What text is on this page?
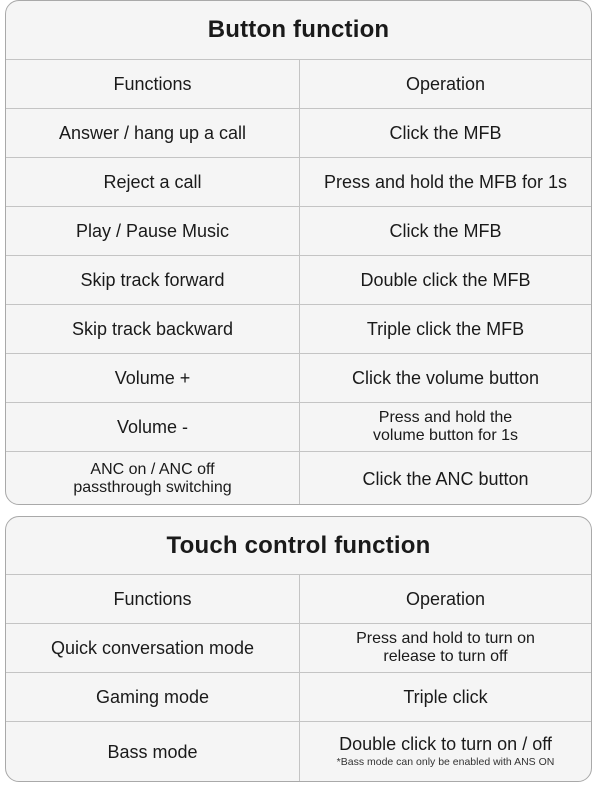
Button function
Functions	Operation
Answer / hang up a call	Click the MFB
Reject a call	Press and hold the MFB for 1s
Play / Pause Music	Click the MFB
Skip track forward	Double click the MFB
Skip track backward	Triple click the MFB
Volume +	Click the volume button
Volume -	Press and hold the
volume button for 1s
ANC on / ANC off
passthrough switching	Click the ANC button
Touch control function
Functions	Operation
Quick conversation mode	Press and hold to turn on
release to turn off
Gaming mode	Triple click
Bass mode	Double click to turn on / off
*Bass mode can only be enabled with ANS ON
